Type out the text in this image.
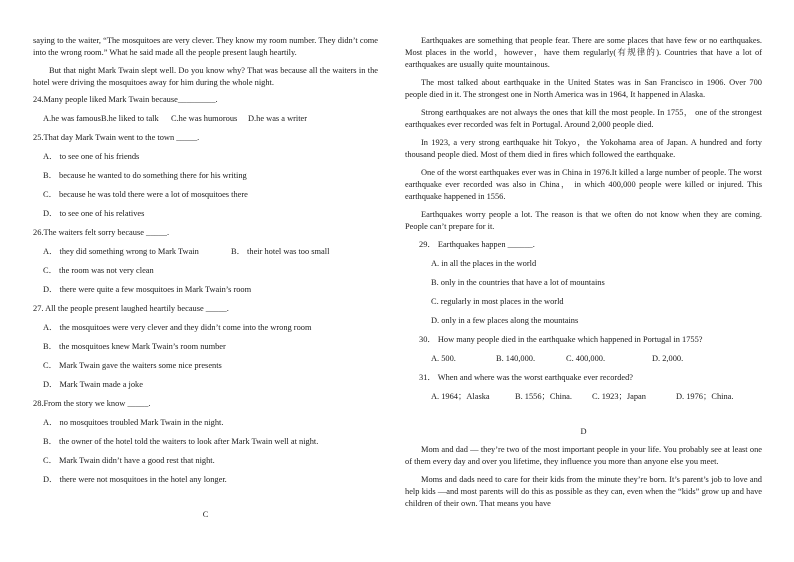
saying to the waiter, “The mosquitoes are very clever. They know my room number. They didn’t come into the wrong room.” What he said made all the people present laugh heartily.

But that night Mark Twain slept well. Do you know why? That was because all the waiters in the hotel were driving the mosquitoes away for him during the whole night.

24.Many people liked Mark Twain because_________.

A.he was famousB.he liked to talk C.he was humorous D.he was a writer

25.That day Mark Twain went to the town _____.

A． to see one of his friends

B． because he wanted to do something there for his writing

C． because he was told there were a lot of mosquitoes there

D． to see one of his relatives

26.The waiters felt sorry because _____.

A． they did something wrong to Mark Twain	B． their hotel was too small

C． the room was not very clean

D． there were quite a few mosquitoes in Mark Twain’s room

27. All the people present laughed heartily because _____.

A． the mosquitoes were very clever and they didn’t come into the wrong room

B． the mosquitoes knew Mark Twain’s room number

C． Mark Twain gave the waiters some nice presents

D． Mark Twain made a joke

28.From the story we know _____.

A． no mosquitoes troubled Mark Twain in the night.

B． the owner of the hotel told the waiters to look after Mark Twain well at night.

C． Mark Twain didn’t have a good rest that night.

D． there were not mosquitoes in the hotel any longer.

C

Earthquakes are something that people fear. There are some places that have few or no earthquakes. Most places in the world，however，have them regularly(有规律的). Countries that have a lot of earthquakes are usually quite mountainous.

The most talked about earthquake in the United States was in San Francisco in 1906. Over 700 people died in it. The strongest one in North America was in 1964, It happened in Alaska.

Strong earthquakes are not always the ones that kill the most people. In 1755， one of the strongest earthquakes ever recorded was felt in Portugal. Around 2,000 people died.

In 1923, a very strong earthquake hit Tokyo，the Yokohama area of Japan. A hundred and forty thousand people died. Most of them died in fires which followed the earthquake.

One of the worst earthquakes ever was in China in 1976.It killed a large number of people. The worst earthquake ever recorded was also in China， in which 400,000 people were killed or injured. This earthquake happened in 1556.

Earthquakes worry people a lot. The reason is that we often do not know when they are coming. People can’t prepare for it.

29． Earthquakes happen ______.

A. in all the places in the world

B. only in the countries that have a lot of mountains

C. regularly in most places in the world

D. only in a few places along the mountains

30． How many people died in the earthquake which happened in Portugal in 1755?

A. 500.	B. 140,000.	C. 400,000.	D. 2,000.

31． When and where was the worst earthquake ever recorded?

A. 1964；Alaska	B. 1556；China. C. 1923；Japan	D. 1976；China.

D

Mom and dad — they’re two of the most important people in your life. You probably see at least one of them every day and over you lifetime, they influence you more than anyone else you meet.

Moms and dads need to care for their kids from the minute they’re born. It’s parent’s job to love and help kids —and most parents will do this as possible as they can, even when the “kids” grow up and have children of their own. That means you have
